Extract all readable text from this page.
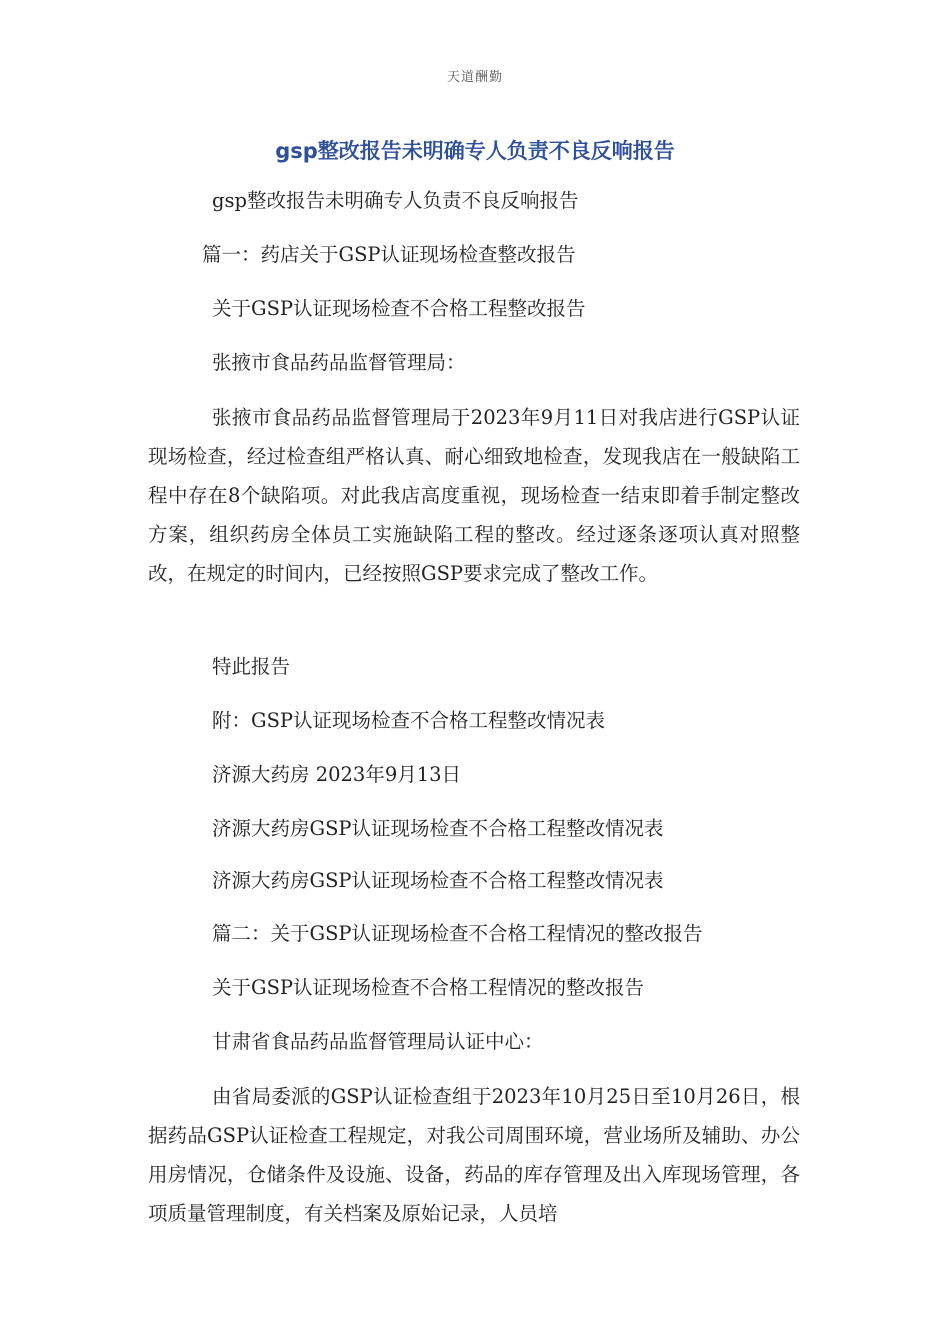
天道酬勤
gsp整改报告未明确专人负责不良反响报告
gsp整改报告未明确专人负责不良反响报告
篇一：药店关于GSP认证现场检查整改报告
关于GSP认证现场检查不合格工程整改报告
张掖市食品药品监督管理局：
张掖市食品药品监督管理局于2023年9月11日对我店进行GSP认证现场检查，经过检查组严格认真、耐心细致地检查，发现我店在一般缺陷工程中存在8个缺陷项。对此我店高度重视，现场检查一结束即着手制定整改方案，组织药房全体员工实施缺陷工程的整改。经过逐条逐项认真对照整改，在规定的时间内，已经按照GSP要求完成了整改工作。
特此报告
附：GSP认证现场检查不合格工程整改情况表
济源大药房 2023年9月13日
济源大药房GSP认证现场检查不合格工程整改情况表
济源大药房GSP认证现场检查不合格工程整改情况表
篇二：关于GSP认证现场检查不合格工程情况的整改报告
关于GSP认证现场检查不合格工程情况的整改报告
甘肃省食品药品监督管理局认证中心：
由省局委派的GSP认证检查组于2023年10月25日至10月26日，根据药品GSP认证检查工程规定，对我公司周围环境，营业场所及辅助、办公用房情况，仓储条件及设施、设备，药品的库存管理及出入库现场管理，各项质量管理制度，有关档案及原始记录，人员培
